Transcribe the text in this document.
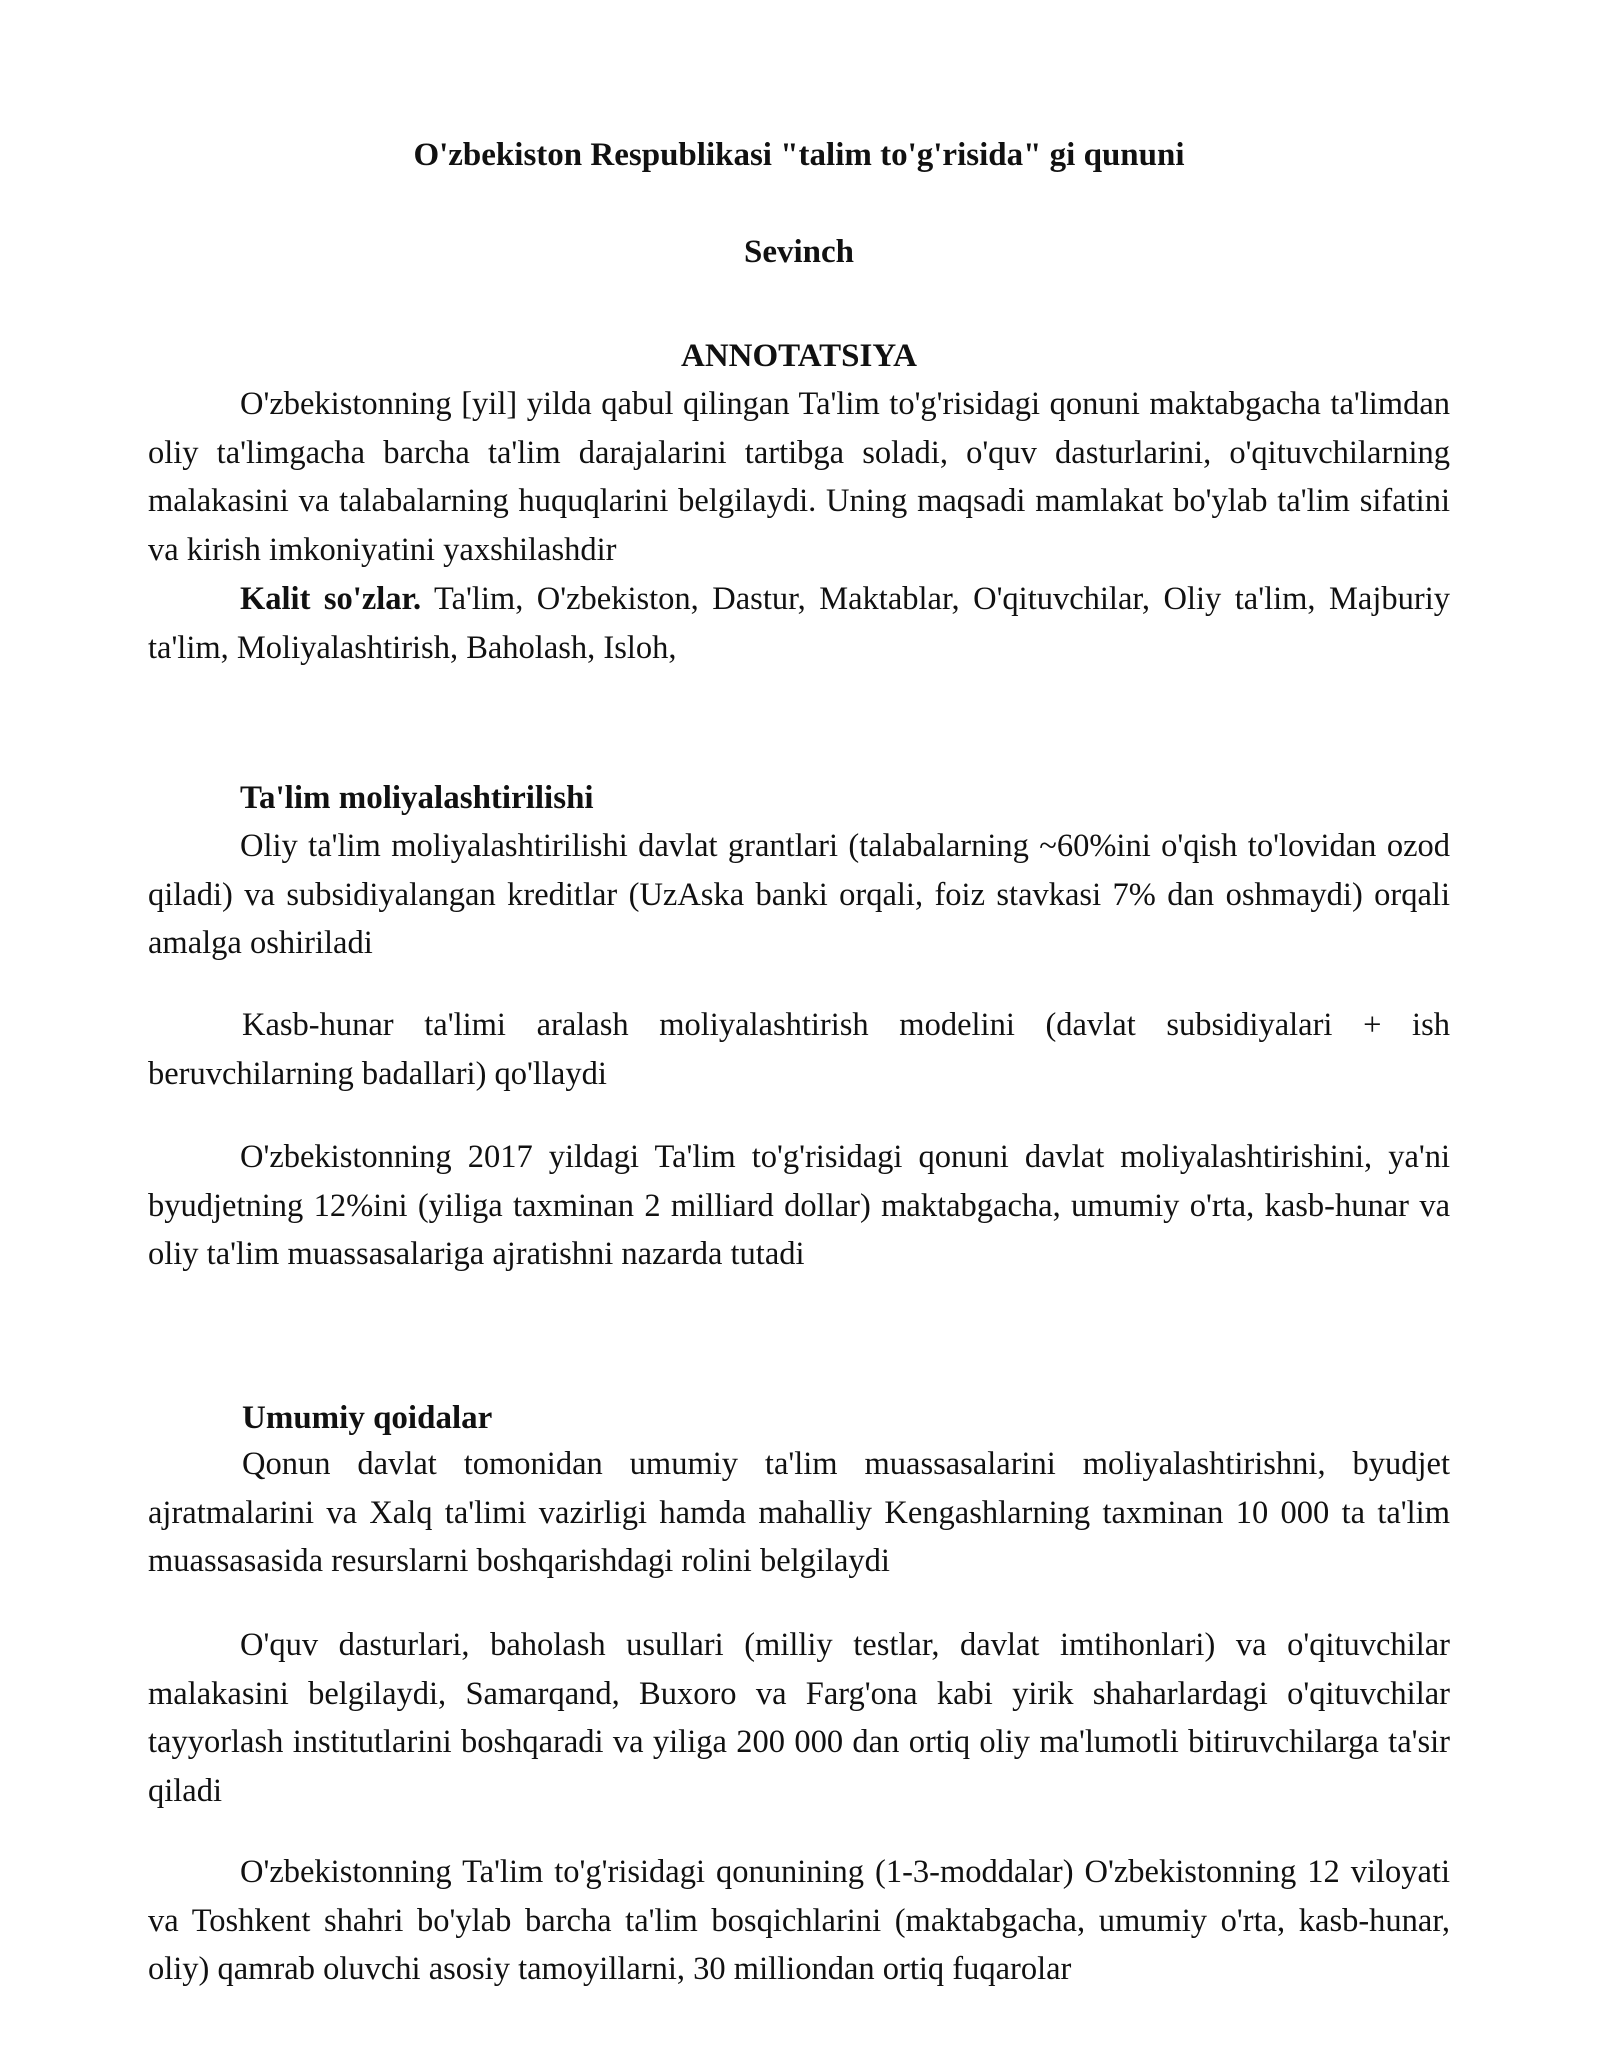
O'zbekiston Respublikasi "talim to'g'risida" gi qununi
Sevinch
ANNOTATSIYA

O'zbekistonning [yil] yilda qabul qilingan Ta'lim to'g'risidagi qonuni maktabgacha ta'limdan oliy ta'limgacha barcha ta'lim darajalarini tartibga soladi, o'quv dasturlarini, o'qituvchilarning malakasini va talabalarning huquqlarini belgilaydi. Uning maqsadi mamlakat bo'ylab ta'lim sifatini va kirish imkoniyatini yaxshilashdir

Kalit so'zlar. Ta'lim, O'zbekiston, Dastur, Maktablar, O'qituvchilar, Oliy ta'lim, Majburiy ta'lim, Moliyalashtirish, Baholash, Isloh,

Ta'lim moliyalashtirilishi

Oliy ta'lim moliyalashtirilishi davlat grantlari (talabalarning ~60%ini o'qish to'lovidan ozod qiladi) va subsidiyalangan kreditlar (UzAska banki orqali, foiz stavkasi 7% dan oshmaydi) orqali amalga oshiriladi

Kasb-hunar ta'limi aralash moliyalashtirish modelini (davlat subsidiyalari + ish beruvchilarning badallari) qo'llaydi

O'zbekistonning 2017 yildagi Ta'lim to'g'risidagi qonuni davlat moliyalashtirishini, ya'ni byudjetning 12%ini (yiliga taxminan 2 milliard dollar) maktabgacha, umumiy o'rta, kasb-hunar va oliy ta'lim muassasalariga ajratishni nazarda tutadi

Umumiy qoidalar

Qonun davlat tomonidan umumiy ta'lim muassasalarini moliyalashtirishni, byudjet ajratmalarini va Xalq ta'limi vazirligi hamda mahalliy Kengashlarning taxminan 10 000 ta ta'lim muassasasida resurslarni boshqarishdagi rolini belgilaydi

O'quv dasturlari, baholash usullari (milliy testlar, davlat imtihonlari) va o'qituvchilar malakasini belgilaydi, Samarqand, Buxoro va Farg'ona kabi yirik shaharlardagi o'qituvchilar tayyorlash institutlarini boshqaradi va yiliga 200 000 dan ortiq oliy ma'lumotli bitiruvchilarga ta'sir qiladi

O'zbekistonning Ta'lim to'g'risidagi qonunining (1-3-moddalar) O'zbekistonning 12 viloyati va Toshkent shahri bo'ylab barcha ta'lim bosqichlarini (maktabgacha, umumiy o'rta, kasb-hunar, oliy) qamrab oluvchi asosiy tamoyillarni, 30 milliondan ortiq fuqarolar
